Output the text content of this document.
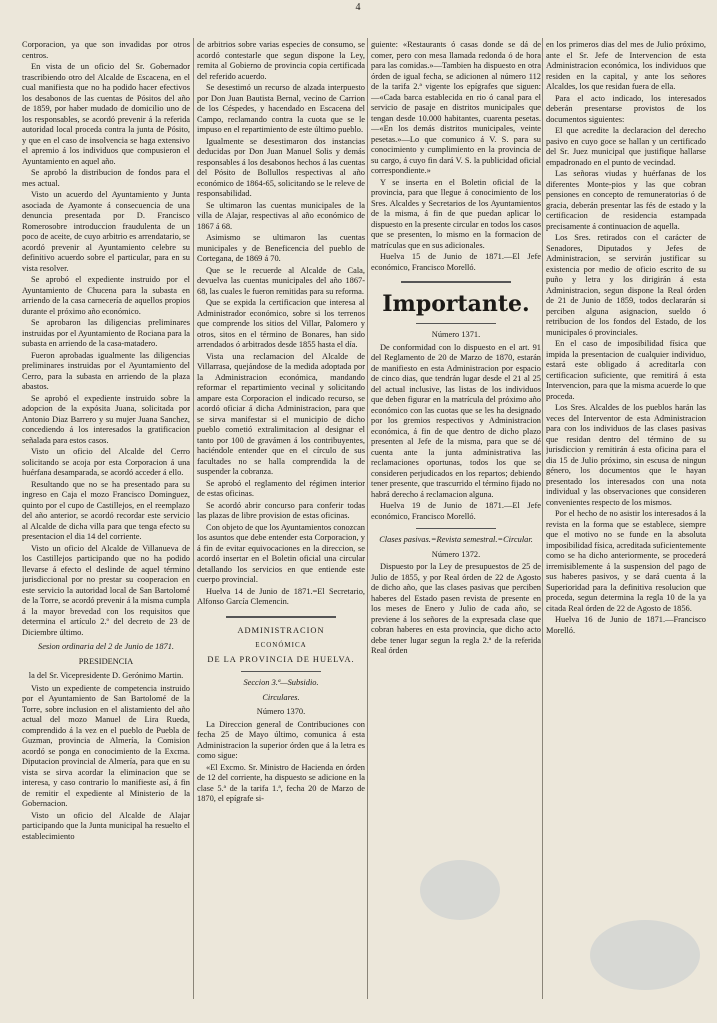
4

Corporacion, ya que son invadidas por otros centros.

En vista de un oficio del Sr. Gobernador trascribiendo otro del Alcalde de Escacena, en el cual manifiesta que no ha podido hacer efectivos los desabonos de las cuentas de Pósitos del año de 1859, por haber mudado de domicilio uno de los responsables, se acordó prevenir á la referida autoridad local proceda contra la junta de Pósito, y que en el caso de insolvencia se haga extensivo el apremio á los individuos que compusieron el Ayuntamiento en aquel año.

Se aprobó la distribucion de fondos para el mes actual.

Visto un acuerdo del Ayuntamiento y Junta asociada de Ayamonte á consecuencia de una denuncia presentada por D. Francisco Romerosobre introduccion fraudulenta de un poco de aceite, de cuyo arbitrio es arrendatario, se acordó prevenir al Ayuntamiento celebre su definitivo acuerdo sobre el particular, para en su vista resolver.

Se aprobó el expediente instruido por el Ayuntamiento de Chucena para la subasta en arriendo de la casa carnecería de aquellos propios durante el próximo año económico.

Se aprobaron las diligencias preliminares instruidas por el Ayuntamiento de Rociana para la subasta en arriendo de la casa-matadero.

Fueron aprobadas igualmente las diligencias preliminares instruidas por el Ayuntamiento del Cerro, para la subasta en arriendo de la plaza abastos.

Se aprobó el expediente instruido sobre la adopcion de la expósita Juana, solicitada por Antonio Diaz Barrero y su mujer Juana Sanchez, concediendo á los interesados la gratificacion señalada para estos casos.

Visto un oficio del Alcalde del Cerro solicitando se acoja por esta Corporacion á una huérfana desamparada, se acordó acceder á ello.

Resultando que no se ha presentado para su ingreso en Caja el mozo Francisco Dominguez, quinto por el cupo de Castillejos, en el reemplazo del año anterior, se acordó recordar este servicio al Alcalde de dicha villa para que tenga efecto su presentacion el dia 14 del corriente.

Visto un oficio del Alcalde de Villanueva de los Castillejos participando que no ha podido llevarse á efecto el deslinde de aquel término jurisdiccional por no prestar su cooperacion en este servicio la autoridad local de San Bartolomé de la Torre, se acordó prevenir á la misma cumpla á la mayor brevedad con los requisitos que determina el artículo 2.º del decreto de 23 de Diciembre último.

Sesion ordinaria del 2 de Junio de 1871.

PRESIDENCIA

la del Sr. Vicepresidente D. Gerónimo Martin.

Visto un expediente de competencia instruido por el Ayuntamiento de San Bartolomé de la Torre, sobre inclusion en el alistamiento del año actual del mozo Manuel de Lira Rueda, comprendido á la vez en el pueblo de Puebla de Guzman, provincia de Almería, la Comision acordó se ponga en conocimiento de la Excma. Diputacion provincial de Almería, para que en su vista se sirva acordar la eliminacion que se interesa, y caso contrario lo manifieste así, á fin de remitir el expediente al Ministerio de la Gobernacion.

Visto un oficio del Alcalde de Alajar participando que la Junta municipal ha resuelto el establecimiento

de arbitrios sobre varias especies de consumo, se acordó contestarle que segun dispone la Ley, remita al Gobierno de provincia copia certificada del referido acuerdo.

Se desestimó un recurso de alzada interpuesto por Don Juan Bautista Bernal, vecino de Carrion de los Céspedes, y hacendado en Escacena del Campo, reclamando contra la cuota que se le impuso en el repartimiento de este último pueblo.

Igualmente se desestimaron dos instancias deducidas por Don Juan Manuel Solis y demás responsables á los desabonos hechos á las cuentas del Pósito de Bollullos respectivas al año económico de 1864-65, solicitando se le releve de responsabilidad.

Se ultimaron las cuentas municipales de la villa de Alajar, respectivas al año económico de 1867 á 68.

Asimismo se ultimaron las cuentas municipales y de Beneficencia del pueblo de Cortegana, de 1869 á 70.

Que se le recuerde al Alcalde de Cala, devuelva las cuentas municipales del año 1867-68, las cuales le fueron remitidas para su reforma.

Que se expida la certificacion que interesa al Administrador económico, sobre si los terrenos que comprende los sitios del Villar, Palomero y otros, sitos en el término de Bonares, han sido arrendados ó arbitrados desde 1855 hasta el día.

Vista una reclamacion del Alcalde de Villarrasa, quejándose de la medida adoptada por la Administracion económica, mandando reformar el repartimiento vecinal y solicitando ampare esta Corporacion el indicado recurso, se acordó oficiar á dicha Administracion, para que se sirva manifestar si el municipio de dicho pueblo cometió extralimitacion al designar el tanto por 100 de gravámen á los contribuyentes, haciéndole entender que en el círculo de sus facultades no se halla comprendida la de suspender la cobranza.

Se aprobó el reglamento del régimen interior de estas oficinas.

Se acordó abrir concurso para conferir todas las plazas de libre provision de estas oficinas.

Con objeto de que los Ayuntamientos conozcan los asuntos que debe entender esta Corporacion, y á fin de evitar equivocaciones en la direccion, se acordó insertar en el Boletin oficial una circular detallando los servicios en que entiende este cuerpo provincial.

Huelva 14 de Junio de 1871.=El Secretario, Alfonso García Clemencin.

ADMINISTRACION

ECONÓMICA

DE LA PROVINCIA DE HUELVA.

Seccion 3.ª—Subsidio.

Circulares.

Número 1370.

La Direccion general de Contribuciones con fecha 25 de Mayo último, comunica á esta Administracion la superior órden que á la letra es como sigue:

«El Excmo. Sr. Ministro de Hacienda en órden de 12 del corriente, ha dispuesto se adicione en la clase 5.ª de la tarifa 1.ª, fecha 20 de Marzo de 1870, el epígrafe si-

guiente: «Restaurants ó casas donde se dá de comer, pero con mesa llamada redonda ó de hora para las comidas.»—Tambien ha dispuesto en otra órden de igual fecha, se adicionen al número 112 de la tarifa 2.ª vigente los epígrafes que siguen:—«Cada barca establecida en rio ó canal para el servicio de pasaje en distritos municipales que tengan desde 10.000 habitantes, cuarenta pesetas.—«En los demás distritos municipales, veinte pesetas.»—Lo que comunico á V. S. para su conocimiento y cumplimiento en la provincia de su cargo, á cuyo fin dará V. S. la publicidad oficial correspondiente.»

Y se inserta en el Boletin oficial de la provincia, para que llegue á conocimiento de los Sres. Alcaldes y Secretarios de los Ayuntamientos de la misma, á fin de que puedan aplicar lo dispuesto en la presente circular en todos los casos que se presenten, lo mismo en la formacion de matrículas que en sus adicionales.

Huelva 15 de Junio de 1871.—El Jefe económico, Francisco Morelló.

Importante.

Número 1371.

De conformidad con lo dispuesto en el art. 91 del Reglamento de 20 de Marzo de 1870, estarán de manifiesto en esta Administracion por espacio de cinco dias, que tendrán lugar desde el 21 al 25 del actual inclusive, las listas de los individuos que deben figurar en la matrícula del próximo año económico con las cuotas que se les ha designado por los gremios respectivos y Administracion económica, á fin de que dentro de dicho plazo presenten al Jefe de la misma, para que se dé cuenta ante la junta administrativa las reclamaciones oportunas, todos los que se consideren perjudicados en los repartos; debiendo tener presente, que trascurrido el término fijado no habrá derecho á reclamacion alguna.

Huelva 19 de Junio de 1871.—El Jefe económico, Francisco Morelló.

Clases pasivas.=Revista semestral.=Circular.

Número 1372.

Dispuesto por la Ley de presupuestos de 25 de Julio de 1855, y por Real órden de 22 de Agosto de dicho año, que las clases pasivas que perciben haberes del Estado pasen revista de presente en los meses de Enero y Julio de cada año, se previene á los señores de la expresada clase que cobran haberes en esta provincia, que dicho acto debe tener lugar segun la regla 2.ª de la referida Real órden

en los primeros dias del mes de Julio próximo, ante el Sr. Jefe de Intervencion de esta Administracion económica, los individuos que residen en la capital, y ante los señores Alcaldes, los que residan fuera de ella.

Para el acto indicado, los interesados deberán presentarse provistos de los documentos siguientes:

El que acredite la declaracion del derecho pasivo en cuyo goce se hallan y un certificado del Sr. Juez municipal que justifique hallarse empadronado en el punto de vecindad.

Las señoras viudas y huérfanas de los diferentes Monte-pios y las que cobran pensiones en concepto de remuneratorias ó de gracia, deberán presentar las fés de estado y la certificacion de residencia estampada precisamente á continuacion de aquella.

Los Sres. retirados con el carácter de Senadores, Diputados y Jefes de Administracion, se servirán justificar su existencia por medio de oficio escrito de su puño y letra y los dirigirán á esta Administracion, segun dispone la Real órden de 21 de Junio de 1859, todos declararán si perciben alguna asignacion, sueldo ó retribucion de los fondos del Estado, de los municipales ó provinciales.

En el caso de imposibilidad física que impida la presentacion de cualquier individuo, estará este obligado á acreditarla con certificacion suficiente, que remitirá á esta Intervencion, para que la misma acuerde lo que proceda.

Los Sres. Alcaldes de los pueblos harán las veces del Interventor de esta Administracion para con los individuos de las clases pasivas que residan dentro del término de su jurisdiccion y remitirán á esta oficina para el dia 15 de Julio próximo, sin escusa de ningun género, los documentos que le hayan presentado los interesados con una nota individual y las observaciones que consideren convenientes respecto de los mismos.

Por el hecho de no asistir los interesados á la revista en la forma que se establece, siempre que el motivo no se funde en la absoluta imposibilidad física, acreditada suficientemente como se ha dicho anteriormente, se procederá irremisiblemente á la suspension del pago de sus haberes pasivos, y se dará cuenta á la Superioridad para la definitiva resolucion que proceda, segun determina la regla 10 de la ya citada Real órden de 22 de Agosto de 1856.

Huelva 16 de Junio de 1871.—Francisco Morelló.
